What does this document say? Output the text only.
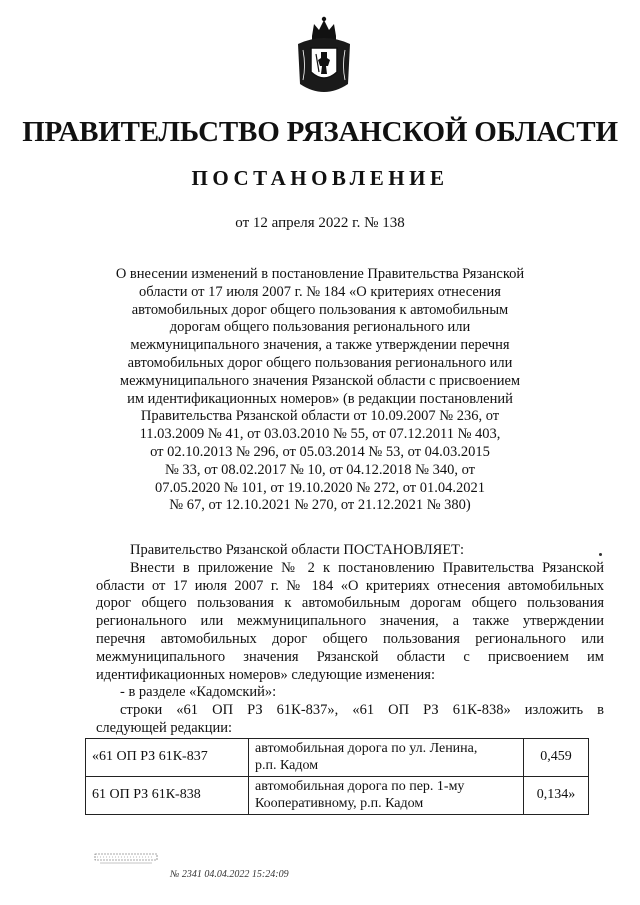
ПРАВИТЕЛЬСТВО РЯЗАНСКОЙ ОБЛАСТИ
ПОСТАНОВЛЕНИЕ
от 12 апреля 2022 г. № 138
О внесении изменений в постановление Правительства Рязанской
области от 17 июля 2007 г. № 184 «О критериях отнесения
автомобильных дорог общего пользования к автомобильным
дорогам общего пользования регионального или
межмуниципального значения, а также утверждении перечня
автомобильных дорог общего пользования регионального или
межмуниципального значения Рязанской области с присвоением
им идентификационных номеров» (в редакции постановлений
Правительства Рязанской области от 10.09.2007 № 236, от
11.03.2009 № 41, от 03.03.2010 № 55, от 07.12.2011 № 403,
от 02.10.2013 № 296, от 05.03.2014 № 53, от 04.03.2015
№ 33, от 08.02.2017 № 10, от 04.12.2018 № 340, от
07.05.2020 № 101, от 19.10.2020 № 272, от 01.04.2021
№ 67, от 12.10.2021 № 270, от 21.12.2021 № 380)
Правительство Рязанской области ПОСТАНОВЛЯЕТ:
Внести в приложение № 2 к постановлению Правительства Рязанской
области от 17 июля 2007 г. № 184 «О критериях отнесения автомобильных
дорог общего пользования к автомобильным дорогам общего пользования
регионального или межмуниципального значения, а также утверждении
перечня автомобильных дорог общего пользования регионального или
межмуниципального значения Рязанской области с присвоением им
идентификационных номеров» следующие изменения:
- в разделе «Кадомский»:
строки «61 ОП РЗ 61К-837», «61 ОП РЗ 61К-838» изложить в
следующей редакции:
«61 ОП РЗ 61К-837	автомобильная дорога по ул. Ленина,
р.п. Кадом	0,459
61 ОП РЗ 61К-838	автомобильная дорога по пер. 1-му
Кооперативному, р.п. Кадом	0,134»
№ 2341 04.04.2022 15:24:09
